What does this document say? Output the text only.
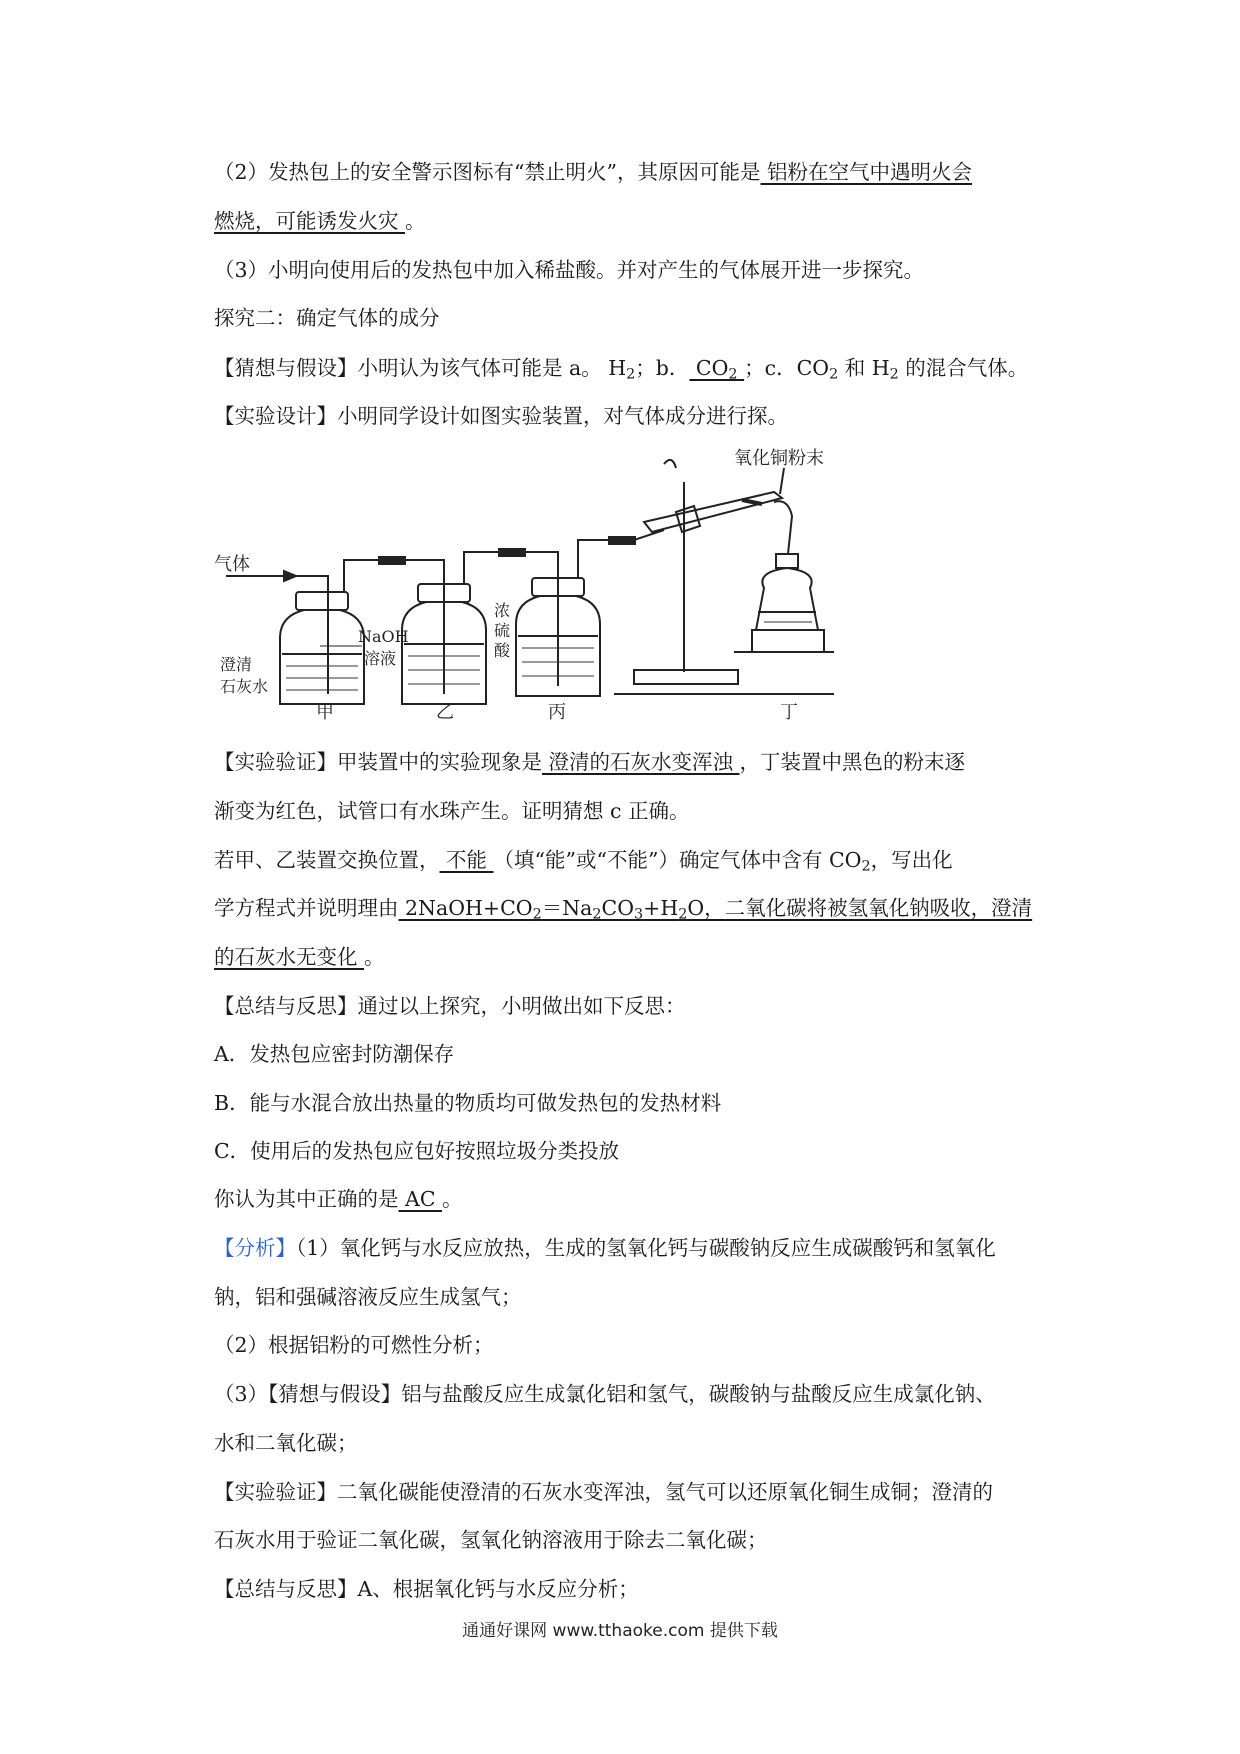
（2）发热包上的安全警示图标有“禁止明火”，其原因可能是 铝粉在空气中遇明火会
燃烧，可能诱发火灾 。
（3）小明向使用后的发热包中加入稀盐酸。并对产生的气体展开进一步探究。
探究二：确定气体的成分
【猜想与假设】小明认为该气体可能是 a。 $H_2$；b． $CO_2$ ；c．$CO_2$ 和 $H_2$ 的混合气体。
【实验设计】小明同学设计如图实验装置，对气体成分进行探。
气体
氧化铜粉末
NaOH
溶液
浓
硫
酸
澄清
石灰水
甲	乙	丙	丁
【实验验证】甲装置中的实验现象是 澄清的石灰水变浑浊 ，丁装置中黑色的粉末逐
渐变为红色，试管口有水珠产生。证明猜想 c 正确。
若甲、乙装置交换位置， 不能 （填“能”或“不能”）确定气体中含有 $CO_2$，写出化
学方程式并说明理由 $2NaOH+CO_2=Na_2CO_3+H_2O$，二氧化碳将被氢氧化钠吸收，澄清
的石灰水无变化 。
【总结与反思】通过以上探究，小明做出如下反思：
A．发热包应密封防潮保存
B．能与水混合放出热量的物质均可做发热包的发热材料
C．使用后的发热包应包好按照垃圾分类投放
你认为其中正确的是 AC 。
【分析】（1）氧化钙与水反应放热，生成的氢氧化钙与碳酸钠反应生成碳酸钙和氢氧化
钠，铝和强碱溶液反应生成氢气；
（2）根据铝粉的可燃性分析；
（3）【猜想与假设】铝与盐酸反应生成氯化铝和氢气，碳酸钠与盐酸反应生成氯化钠、
水和二氧化碳；
【实验验证】二氧化碳能使澄清的石灰水变浑浊，氢气可以还原氧化铜生成铜；澄清的
石灰水用于验证二氧化碳，氢氧化钠溶液用于除去二氧化碳；
【总结与反思】A、根据氧化钙与水反应分析；
通通好课网 www.tthaoke.com 提供下载
